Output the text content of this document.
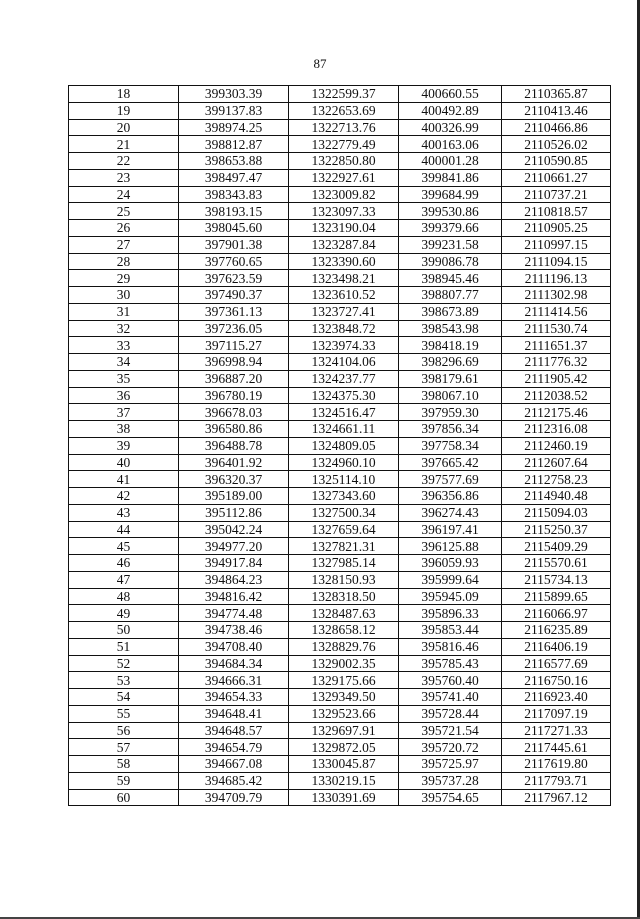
87
18	399303.39	1322599.37	400660.55	2110365.87
19	399137.83	1322653.69	400492.89	2110413.46
20	398974.25	1322713.76	400326.99	2110466.86
21	398812.87	1322779.49	400163.06	2110526.02
22	398653.88	1322850.80	400001.28	2110590.85
23	398497.47	1322927.61	399841.86	2110661.27
24	398343.83	1323009.82	399684.99	2110737.21
25	398193.15	1323097.33	399530.86	2110818.57
26	398045.60	1323190.04	399379.66	2110905.25
27	397901.38	1323287.84	399231.58	2110997.15
28	397760.65	1323390.60	399086.78	2111094.15
29	397623.59	1323498.21	398945.46	2111196.13
30	397490.37	1323610.52	398807.77	2111302.98
31	397361.13	1323727.41	398673.89	2111414.56
32	397236.05	1323848.72	398543.98	2111530.74
33	397115.27	1323974.33	398418.19	2111651.37
34	396998.94	1324104.06	398296.69	2111776.32
35	396887.20	1324237.77	398179.61	2111905.42
36	396780.19	1324375.30	398067.10	2112038.52
37	396678.03	1324516.47	397959.30	2112175.46
38	396580.86	1324661.11	397856.34	2112316.08
39	396488.78	1324809.05	397758.34	2112460.19
40	396401.92	1324960.10	397665.42	2112607.64
41	396320.37	1325114.10	397577.69	2112758.23
42	395189.00	1327343.60	396356.86	2114940.48
43	395112.86	1327500.34	396274.43	2115094.03
44	395042.24	1327659.64	396197.41	2115250.37
45	394977.20	1327821.31	396125.88	2115409.29
46	394917.84	1327985.14	396059.93	2115570.61
47	394864.23	1328150.93	395999.64	2115734.13
48	394816.42	1328318.50	395945.09	2115899.65
49	394774.48	1328487.63	395896.33	2116066.97
50	394738.46	1328658.12	395853.44	2116235.89
51	394708.40	1328829.76	395816.46	2116406.19
52	394684.34	1329002.35	395785.43	2116577.69
53	394666.31	1329175.66	395760.40	2116750.16
54	394654.33	1329349.50	395741.40	2116923.40
55	394648.41	1329523.66	395728.44	2117097.19
56	394648.57	1329697.91	395721.54	2117271.33
57	394654.79	1329872.05	395720.72	2117445.61
58	394667.08	1330045.87	395725.97	2117619.80
59	394685.42	1330219.15	395737.28	2117793.71
60	394709.79	1330391.69	395754.65	2117967.12
